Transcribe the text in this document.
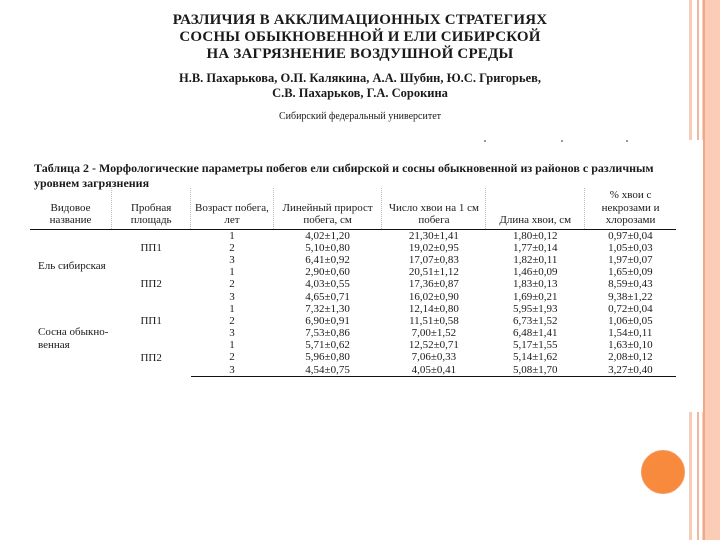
РАЗЛИЧИЯ В АККЛИМАЦИОННЫХ СТРАТЕГИЯХ
СОСНЫ ОБЫКНОВЕННОЙ И ЕЛИ СИБИРСКОЙ
НА ЗАГРЯЗНЕНИЕ ВОЗДУШНОЙ СРЕДЫ
Н.В. Пахарькова, О.П. Калякина, А.А. Шубин, Ю.С. Григорьев,
С.В. Пахарьков, Г.А. Сорокина
Сибирский федеральный университет
Таблица 2 - Морфологические параметры побегов ели сибирской и сосны обыкновенной из районов с различным уровнем загрязнения
Видовое название	Пробная площадь	Возраст побега, лет	Линейный прирост побега, см	Число хвои на 1 см побега	Длина хвои, см	% хвои с некрозами и хлорозами
Ель сибирская	ПП1	1	4,02±1,20	21,30±1,41	1,80±0,12	0,97±0,04
		2	5,10±0,80	19,02±0,95	1,77±0,14	1,05±0,03
		3	6,41±0,92	17,07±0,83	1,82±0,11	1,97±0,07
	ПП2	1	2,90±0,60	20,51±1,12	1,46±0,09	1,65±0,09
		2	4,03±0,55	17,36±0,87	1,83±0,13	8,59±0,43
		3	4,65±0,71	16,02±0,90	1,69±0,21	9,38±1,22
Сосна обыкно-венная	ПП1	1	7,32±1,30	12,14±0,80	5,95±1,93	0,72±0,04
		2	6,90±0,91	11,51±0,58	6,73±1,52	1,06±0,05
		3	7,53±0,86	7,00±1,52	6,48±1,41	1,54±0,11
	ПП2	1	5,71±0,62	12,52±0,71	5,17±1,55	1,63±0,10
		2	5,96±0,80	7,06±0,33	5,14±1,62	2,08±0,12
		3	4,54±0,75	4,05±0,41	5,08±1,70	3,27±0,40
